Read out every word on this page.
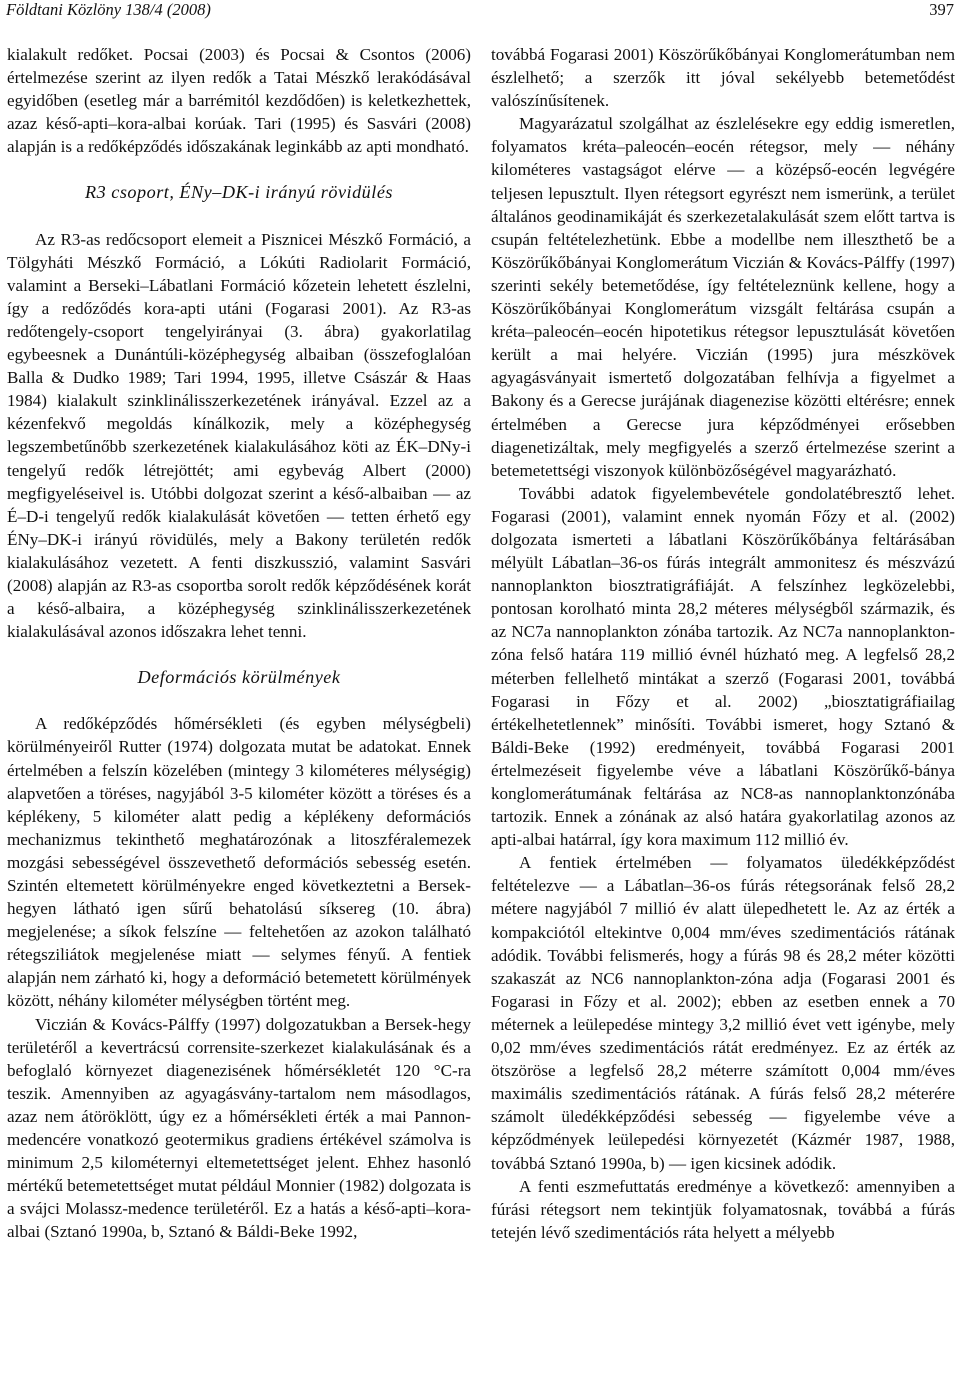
Földtani Közlöny 138/4 (2008)	397

kialakult redőket. Pocsai (2003) és Pocsai & Csontos (2006) értelmezése szerint az ilyen redők a Tatai Mészkő lerakódásával egyidőben (esetleg már a barrémitól kezdődően) is keletkezhettek, azaz késő-apti–kora-albai korúak. Tari (1995) és Sasvári (2008) alapján is a redőképződés időszakának leginkább az apti mondható.

R3 csoport, ÉNy–DK-i irányú rövidülés

Az R3-as redőcsoport elemeit a Pisznicei Mészkő Formáció, a Tölgyháti Mészkő Formáció, a Lókúti Radiolarit Formáció, valamint a Berseki–Lábatlani Formáció kőzetein lehetett észlelni, így a redőződés kora-apti utáni (Fogarasi 2001). Az R3-as redőtengely-csoport tengelyirányai (3. ábra) gyakorlatilag egybeesnek a Dunántúli-középhegység albaiban (összefoglalóan Balla & Dudko 1989; Tari 1994, 1995, illetve Császár & Haas 1984) kialakult szinklinálisszerkezetének irányával. Ezzel az a kézenfekvő megoldás kínálkozik, mely a középhegység legszembetűnőbb szerkezetének kialakulásához köti az ÉK–DNy-i tengelyű redők létrejöttét; ami egybevág Albert (2000) megfigyeléseivel is. Utóbbi dolgozat szerint a késő-albaiban — az É–D-i tengelyű redők kialakulását követően — tetten érhető egy ÉNy–DK-i irányú rövidülés, mely a Bakony területén redők kialakulásához vezetett. A fenti diszkusszió, valamint Sasvári (2008) alapján az R3-as csoportba sorolt redők képződésének korát a késő-albaira, a középhegység szinklinálisszerkezetének kialakulásával azonos időszakra lehet tenni.

Deformációs körülmények

A redőképződés hőmérsékleti (és egyben mélységbeli) körülményeiről Rutter (1974) dolgozata mutat be adatokat. Ennek értelmében a felszín közelében (mintegy 3 kilométeres mélységig) alapvetően a töréses, nagyjából 3-5 kilométer között a töréses és a képlékeny, 5 kilométer alatt pedig a képlékeny deformációs mechanizmus tekinthető meghatározónak a litoszféralemezek mozgási sebességével összevethető deformációs sebesség esetén. Szintén eltemetett körülményekre enged következtetni a Bersek-hegyen látható igen sűrű behatolású síksereg (10. ábra) megjelenése; a síkok felszíne — feltehetően az azokon található rétegsziliátok megjelenése miatt — selymes fényű. A fentiek alapján nem zárható ki, hogy a deformáció betemetett körülmények között, néhány kilométer mélységben történt meg.

Viczián & Kovács-Pálffy (1997) dolgozatukban a Bersek-hegy területéről a kevertrácsú corrensite-szerkezet kialakulásának és a befoglaló környezet diagenezisének hőmérsékletét 120 °C-ra teszik. Amennyiben az agyagásvány-tartalom nem másodlagos, azaz nem átöröklött, úgy ez a hőmérsékleti érték a mai Pannon-medencére vonatkozó geotermikus gradiens értékével számolva is minimum 2,5 kilométernyi eltemetettséget jelent. Ehhez hasonló mértékű betemetettséget mutat például Monnier (1982) dolgozata is a svájci Molassz-medence területéről. Ez a hatás a késő-apti–kora-albai (Sztanó 1990a, b, Sztanó & Báldi-Beke 1992,

továbbá Fogarasi 2001) Köszörűkőbányai Konglomerátumban nem észlelhető; a szerzők itt jóval sekélyebb betemetődést valószínűsítenek.

Magyarázatul szolgálhat az észlelésekre egy eddig ismeretlen, folyamatos kréta–paleocén–eocén rétegsor, mely — néhány kilométeres vastagságot elérve — a középső-eocén legvégére teljesen lepusztult. Ilyen rétegsort egyrészt nem ismerünk, a terület általános geodinamikáját és szerkezetalakulását szem előtt tartva is csupán feltételezhetünk. Ebbe a modellbe nem illeszthető be a Köszörűkőbányai Konglomerátum Viczián & Kovács-Pálffy (1997) szerinti sekély betemetődése, így feltételeznünk kellene, hogy a Köszörűkőbányai Konglomerátum vizsgált feltárása csupán a kréta–paleocén–eocén hipotetikus rétegsor lepusztulását követően került a mai helyére. Viczián (1995) jura mészkövek agyagásványait ismertető dolgozatában felhívja a figyelmet a Bakony és a Gerecse jurájának diagenezise közötti eltérésre; ennek értelmében a Gerecse jura képződményei erősebben diagenetizáltak, mely megfigyelés a szerző értelmezése szerint a betemetettségi viszonyok különbözőségével magyarázható.

További adatok figyelembevétele gondolatébresztő lehet. Fogarasi (2001), valamint ennek nyomán Főzy et al. (2002) dolgozata ismerteti a lábatlani Köszörűkőbánya feltárásában mélyült Lábatlan–36-os fúrás integrált ammonitesz és mészvázú nannoplankton biosztratigráfiáját. A felszínhez legközelebbi, pontosan korolható minta 28,2 méteres mélységből származik, és az NC7a nannoplankton zónába tartozik. Az NC7a nannoplankton-zóna felső határa 119 millió évnél húzható meg. A legfelső 28,2 méterben fellelhető mintákat a szerző (Fogarasi 2001, továbbá Fogarasi in Főzy et al. 2002) „biosztatigráfiailag értékelhetetlennek” minősíti. További ismeret, hogy Sztanó & Báldi-Beke (1992) eredményeit, továbbá Fogarasi 2001 értelmezéseit figyelembe véve a lábatlani Köszörűkő-bánya konglomerátumának feltárása az NC8-as nannoplanktonzónába tartozik. Ennek a zónának az alsó határa gyakorlatilag azonos az apti-albai határral, így kora maximum 112 millió év.

A fentiek értelmében — folyamatos üledékképződést feltételezve — a Lábatlan–36-os fúrás rétegsorának felső 28,2 métere nagyjából 7 millió év alatt ülepedhetett le. Az az érték a kompakciótól eltekintve 0,004 mm/éves szedimentációs rátának adódik. További felismerés, hogy a fúrás 98 és 28,2 méter közötti szakaszát az NC6 nannoplankton-zóna adja (Fogarasi 2001 és Fogarasi in Főzy et al. 2002); ebben az esetben ennek a 70 méternek a leülepedése mintegy 3,2 millió évet vett igénybe, mely 0,02 mm/éves szedimentációs rátát eredményez. Ez az érték az ötszöröse a legfelső 28,2 méterre számított 0,004 mm/éves maximális szedimentációs rátának. A fúrás felső 28,2 méterére számolt üledékképződési sebesség — figyelembe véve a képződmények leülepedési környezetét (Kázmér 1987, 1988, továbbá Sztanó 1990a, b) — igen kicsinek adódik.

A fenti eszmefuttatás eredménye a következő: amennyiben a fúrási rétegsort nem tekintjük folyamatosnak, továbbá a fúrás tetején lévő szedimentációs ráta helyett a mélyebb
